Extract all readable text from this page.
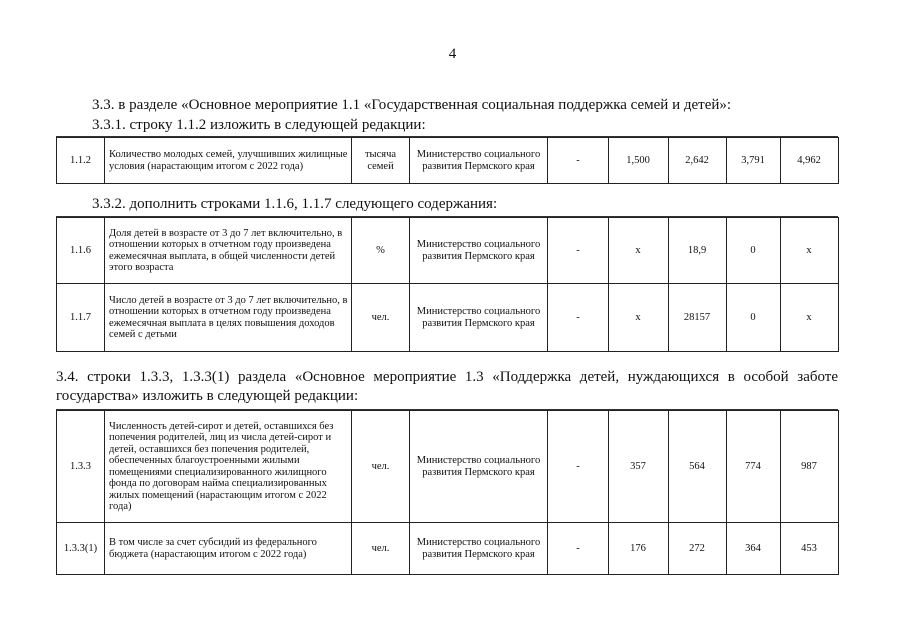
4
3.3. в разделе «Основное мероприятие 1.1 «Государственная социальная поддержка семей и детей»:
3.3.1. строку 1.1.2 изложить в следующей редакции:
1.1.2	Количество молодых семей, улучшивших жилищные условия (нарастающим итогом с 2022 года)	тысяча семей	Министерство социального развития Пермского края	-	1,500	2,642	3,791	4,962
3.3.2. дополнить строками 1.1.6, 1.1.7 следующего содержания:
1.1.6	Доля детей в возрасте от 3 до 7 лет включительно, в отношении которых в отчетном году произведена ежемесячная выплата, в общей численности детей этого возраста	%	Министерство социального развития Пермского края	-	х	18,9	0	х
1.1.7	Число детей в возрасте от 3 до 7 лет включительно, в отношении которых в отчетном году произведена ежемесячная выплата в целях повышения доходов семей с детьми	чел.	Министерство социального развития Пермского края	-	х	28157	0	х
3.4. строки 1.3.3, 1.3.3(1) раздела «Основное мероприятие 1.3 «Поддержка детей, нуждающихся в особой заботе государства» изложить в следующей редакции:
1.3.3	Численность детей-сирот и детей, оставшихся без попечения родителей, лиц из числа детей-сирот и детей, оставшихся без попечения родителей, обеспеченных благоустроенными жилыми помещениями специализированного жилищного фонда по договорам найма специализированных жилых помещений (нарастающим итогом с 2022 года)	чел.	Министерство социального развития Пермского края	-	357	564	774	987
1.3.3(1)	В том числе за счет субсидий из федерального бюджета (нарастающим итогом с 2022 года)	чел.	Министерство социального развития Пермского края	-	176	272	364	453
